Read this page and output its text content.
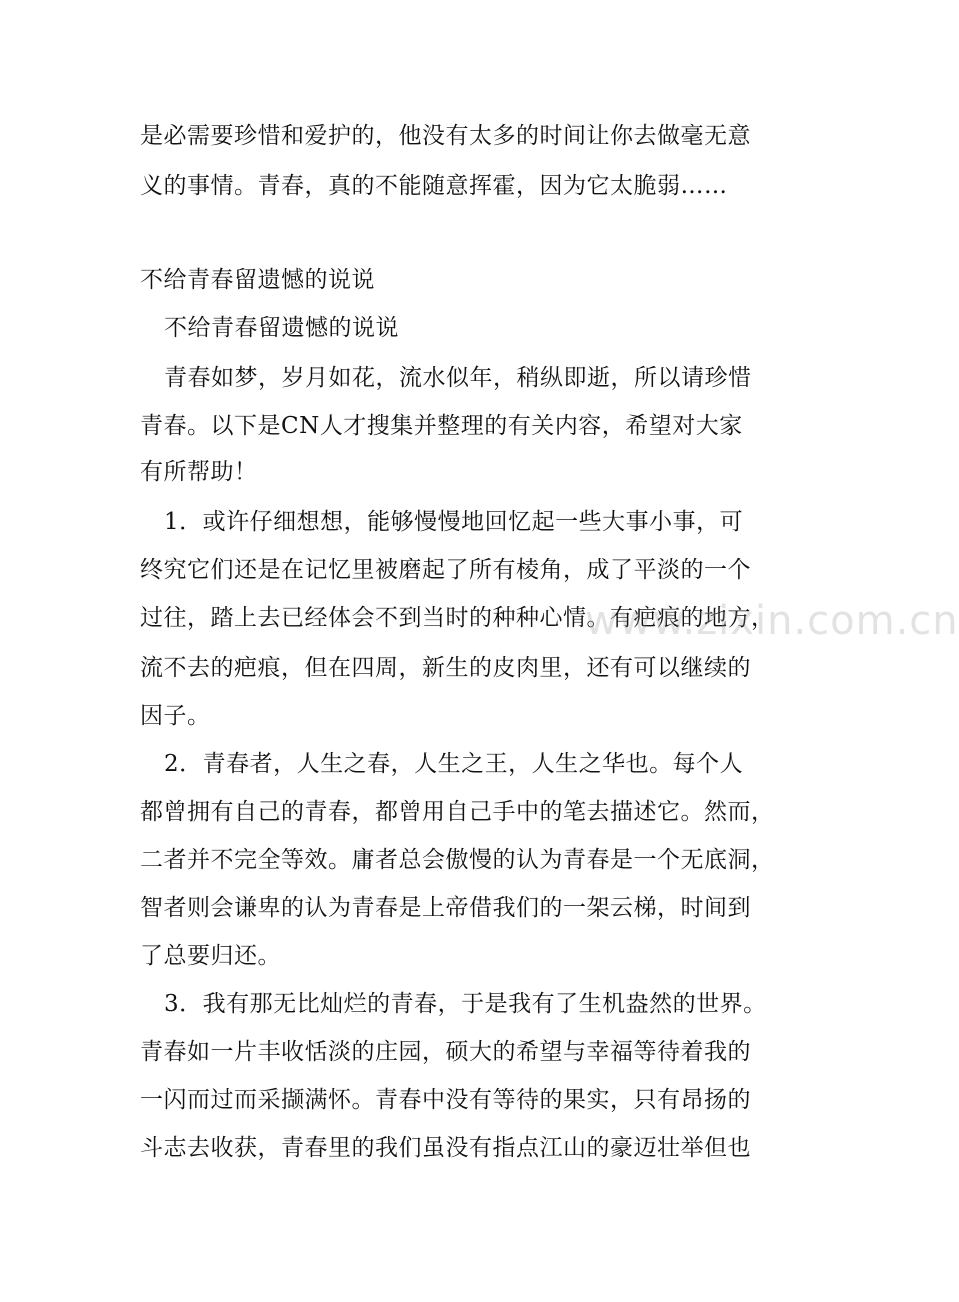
是必需要珍惜和爱护的，他没有太多的时间让你去做毫无意
义的事情。青春，真的不能随意挥霍，因为它太脆弱……
不给青春留遗憾的说说
不给青春留遗憾的说说
青春如梦，岁月如花，流水似年，稍纵即逝，所以请珍惜
青春。以下是CN人才搜集并整理的有关内容，希望对大家
有所帮助！
1．或许仔细想想，能够慢慢地回忆起一些大事小事，可
终究它们还是在记忆里被磨起了所有棱角，成了平淡的一个
过往，踏上去已经体会不到当时的种种心情。有疤痕的地方，
流不去的疤痕，但在四周，新生的皮肉里，还有可以继续的
因子。
2．青春者，人生之春，人生之王，人生之华也。每个人
都曾拥有自己的青春，都曾用自己手中的笔去描述它。然而，
二者并不完全等效。庸者总会傲慢的认为青春是一个无底洞，
智者则会谦卑的认为青春是上帝借我们的一架云梯，时间到
了总要归还。
3．我有那无比灿烂的青春，于是我有了生机盎然的世界。
青春如一片丰收恬淡的庄园，硕大的希望与幸福等待着我的
一闪而过而采撷满怀。青春中没有等待的果实，只有昂扬的
斗志去收获，青春里的我们虽没有指点江山的豪迈壮举但也
www.zixin.com.cn
